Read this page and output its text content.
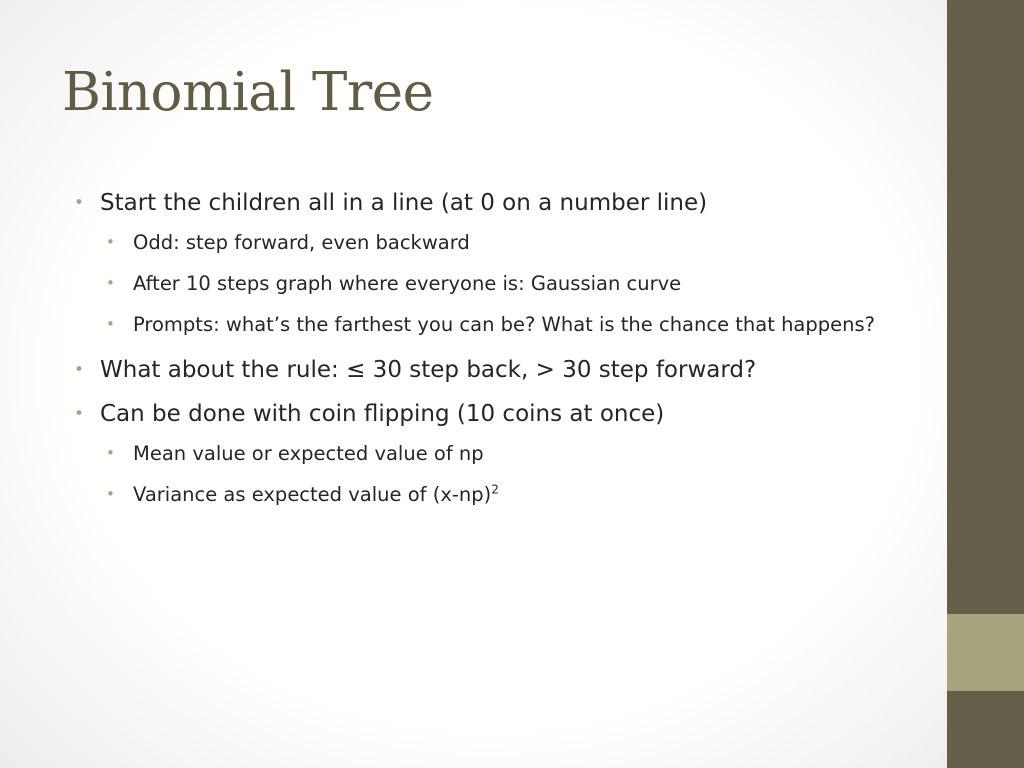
Binomial Tree
• Start the children all in a line (at 0 on a number line)
• Odd: step forward, even backward
• After 10 steps graph where everyone is: Gaussian curve
• Prompts: what’s the farthest you can be? What is the chance that happens?
• What about the rule: ≤ 30 step back, > 30 step forward?
• Can be done with coin flipping (10 coins at once)
• Mean value or expected value of np
• Variance as expected value of $(x-np)^2$
